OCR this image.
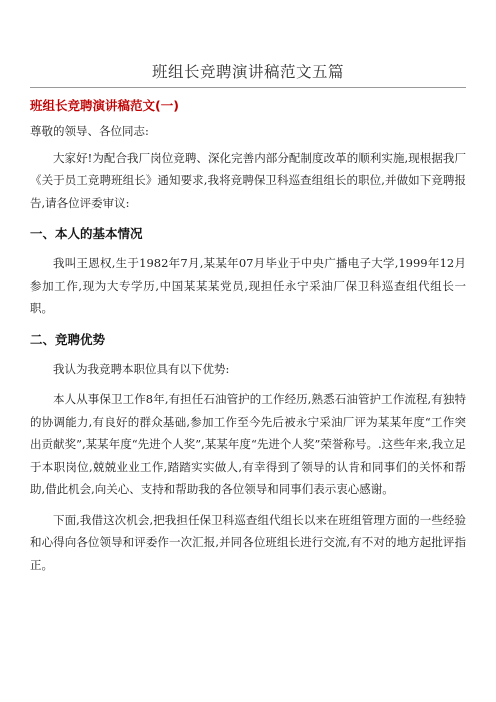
班组长竞聘演讲稿范文五篇
班组长竞聘演讲稿范文(一)

尊敬的领导、各位同志:

大家好!为配合我厂岗位竞聘、深化完善内部分配制度改革的顺利实施,现根据我厂《关于员工竞聘班组长》通知要求,我将竞聘保卫科巡查组组长的职位,并做如下竞聘报告,请各位评委审议:

一、本人的基本情况

我叫王恩权,生于1982年7月,某某年07月毕业于中央广播电子大学,1999年12月参加工作,现为大专学历,中国某某某党员,现担任永宁采油厂保卫科巡查组代组长一职。

二、竞聘优势

我认为我竞聘本职位具有以下优势:

本人从事保卫工作8年,有担任石油管护的工作经历,熟悉石油管护工作流程,有独特的协调能力,有良好的群众基础,参加工作至今先后被永宁采油厂评为某某年度“工作突出贡献奖”,某某年度“先进个人奖”,某某年度“先进个人奖”荣誉称号。.这些年来,我立足于本职岗位,兢兢业业工作,踏踏实实做人,有幸得到了领导的认肯和同事们的关怀和帮助,借此机会,向关心、支持和帮助我的各位领导和同事们表示衷心感谢。

下面,我借这次机会,把我担任保卫科巡查组代组长以来在班组管理方面的一些经验和心得向各位领导和评委作一次汇报,并同各位班组长进行交流,有不对的地方起批评指正。
